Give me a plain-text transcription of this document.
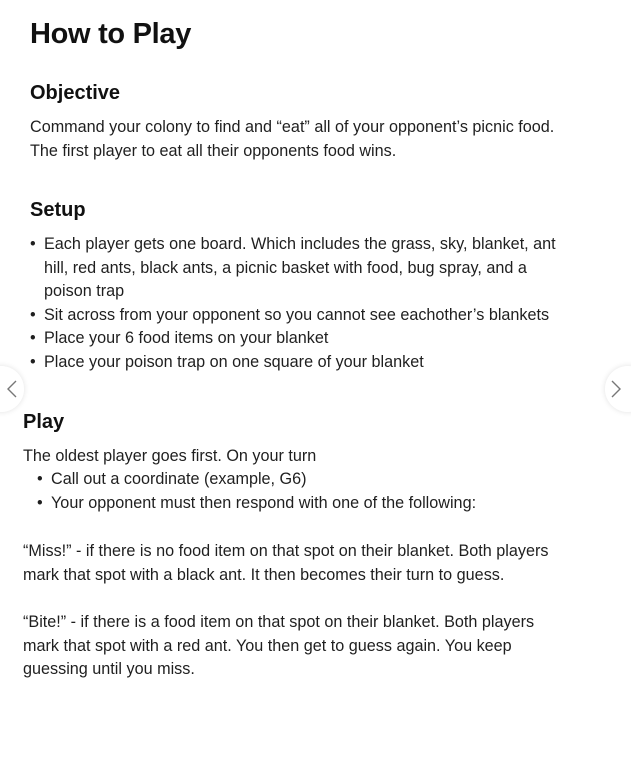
How to Play
Objective
Command your colony to find and “eat” all of your opponent’s picnic food.
The first player to eat all their opponents food wins.
Setup
• Each player gets one board. Which includes the grass, sky, blanket, ant
hill, red ants, black ants, a picnic basket with food, bug spray, and a
poison trap
• Sit across from your opponent so you cannot see eachother’s blankets
• Place your 6 food items on your blanket
• Place your poison trap on one square of your blanket
Play
The oldest player goes first. On your turn
• Call out a coordinate (example, G6)
• Your opponent must then respond with one of the following:
“Miss!” - if there is no food item on that spot on their blanket. Both players
mark that spot with a black ant. It then becomes their turn to guess.
“Bite!” - if there is a food item on that spot on their blanket. Both players
mark that spot with a red ant. You then get to guess again. You keep
guessing until you miss.
